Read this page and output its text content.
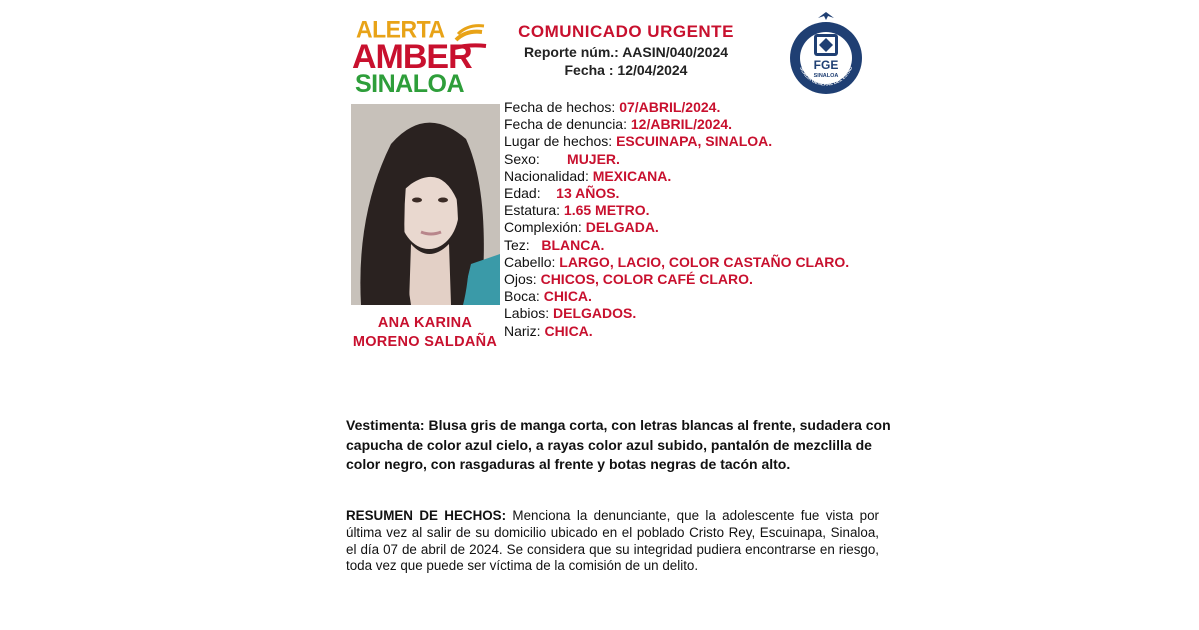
ALERTA
AMBER
SINALOA
COMUNICADO URGENTE
Reporte núm.: AASIN/040/2024
Fecha : 12/04/2024	FGE
SINALOA
SCALÍA GENERAL DEL ESTAD
ANA KARINA
MORENO SALDAÑA
Fecha de hechos: 07/ABRIL/2024.
Fecha de denuncia: 12/ABRIL/2024.
Lugar de hechos: ESCUINAPA, SINALOA.
Sexo:       MUJER.
Nacionalidad: MEXICANA.
Edad:    13 AÑOS.
Estatura: 1.65 METRO.
Complexión: DELGADA.
Tez:   BLANCA.
Cabello: LARGO, LACIO, COLOR CASTAÑO CLARO.
Ojos: CHICOS, COLOR CAFÉ CLARO.
Boca: CHICA.
Labios: DELGADOS.
Nariz: CHICA.
Vestimenta: Blusa gris de manga corta, con letras blancas al frente, sudadera con capucha de color azul cielo, a rayas color azul subido, pantalón de mezclilla de color negro, con rasgaduras al frente y botas negras de tacón alto.
RESUMEN DE HECHOS: Menciona la denunciante, que la adolescente fue vista por última vez al salir de su domicilio ubicado en el poblado Cristo Rey, Escuinapa, Sinaloa, el día 07 de abril de 2024. Se considera que su integridad pudiera encontrarse en riesgo, toda vez que puede ser víctima de la comisión de un delito.
